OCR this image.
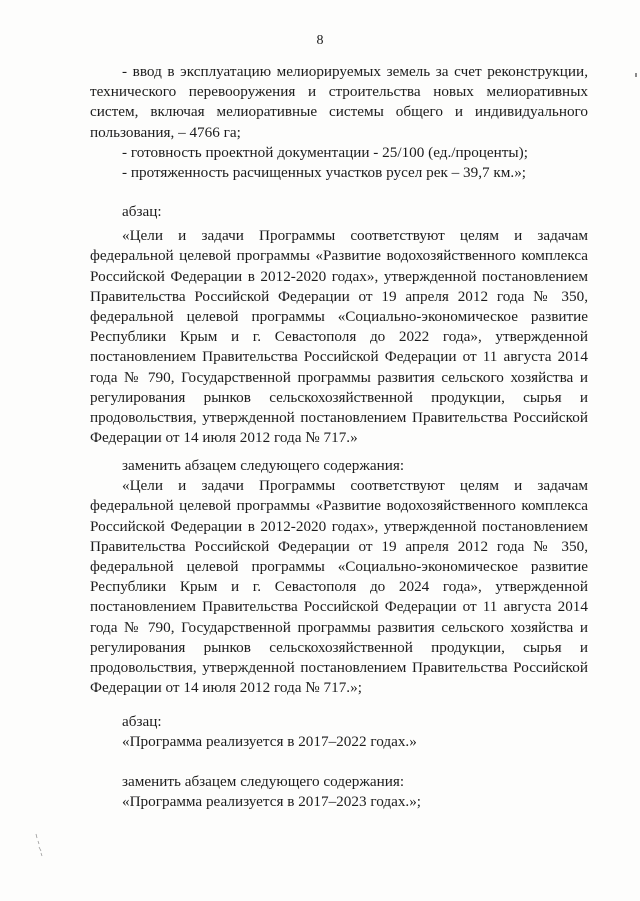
8

- ввод в эксплуатацию мелиорируемых земель за счет реконструкции, технического перевооружения и строительства новых мелиоративных систем, включая мелиоративные системы общего и индивидуального пользования, – 4766 га;

- готовность проектной документации - 25/100 (ед./проценты);

- протяженность расчищенных участков русел рек – 39,7 км.»;

абзац:

«Цели и задачи Программы соответствуют целям и задачам федеральной целевой программы «Развитие водохозяйственного комплекса Российской Федерации в 2012-2020 годах», утвержденной постановлением Правительства Российской Федерации от 19 апреля 2012 года № 350, федеральной целевой программы «Социально-экономическое развитие Республики Крым и г. Севастополя до 2022 года», утвержденной постановлением Правительства Российской Федерации от 11 августа 2014 года № 790, Государственной программы развития сельского хозяйства и регулирования рынков сельскохозяйственной продукции, сырья и продовольствия, утвержденной постановлением Правительства Российской Федерации от 14 июля 2012 года № 717.»

заменить абзацем следующего содержания:

«Цели и задачи Программы соответствуют целям и задачам федеральной целевой программы «Развитие водохозяйственного комплекса Российской Федерации в 2012-2020 годах», утвержденной постановлением Правительства Российской Федерации от 19 апреля 2012 года № 350, федеральной целевой программы «Социально-экономическое развитие Республики Крым и г. Севастополя до 2024 года», утвержденной постановлением Правительства Российской Федерации от 11 августа 2014 года № 790, Государственной программы развития сельского хозяйства и регулирования рынков сельскохозяйственной продукции, сырья и продовольствия, утвержденной постановлением Правительства Российской Федерации от 14 июля 2012 года № 717.»;

абзац:

«Программа реализуется в 2017–2022 годах.»

заменить абзацем следующего содержания:

«Программа реализуется в 2017–2023 годах.»;
